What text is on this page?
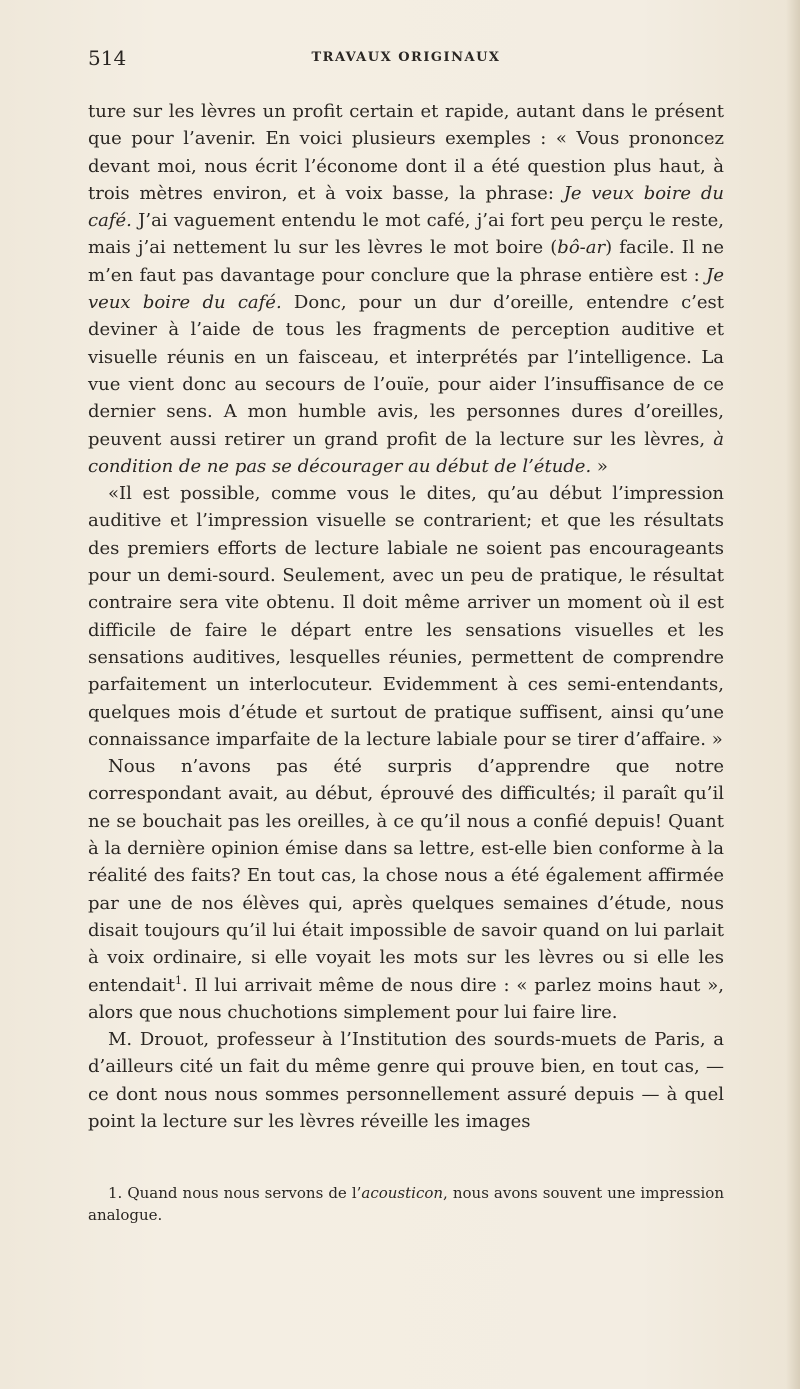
514	TRAVAUX ORIGINAUX

ture sur les lèvres un profit certain et rapide, autant dans le présent que pour l’avenir. En voici plusieurs exemples : « Vous prononcez devant moi, nous écrit l’économe dont il a été question plus haut, à trois mètres environ, et à voix basse, la phrase: Je veux boire du café. J’ai vaguement entendu le mot café, j’ai fort peu perçu le reste, mais j’ai nettement lu sur les lèvres le mot boire (bô-ar) facile. Il ne m’en faut pas davantage pour conclure que la phrase entière est : Je veux boire du café. Donc, pour un dur d’oreille, entendre c’est deviner à l’aide de tous les fragments de perception auditive et visuelle réunis en un faisceau, et interprétés par l’intelligence. La vue vient donc au secours de l’ouïe, pour aider l’insuffisance de ce dernier sens. A mon humble avis, les personnes dures d’oreilles, peuvent aussi retirer un grand profit de la lecture sur les lèvres, à condition de ne pas se décourager au début de l’étude. »

«Il est possible, comme vous le dites, qu’au début l’impression auditive et l’impression visuelle se contrarient; et que les résultats des premiers efforts de lecture labiale ne soient pas encourageants pour un demi-sourd. Seulement, avec un peu de pratique, le résultat contraire sera vite obtenu. Il doit même arriver un moment où il est difficile de faire le départ entre les sensations visuelles et les sensations auditives, lesquelles réunies, permettent de comprendre parfaitement un interlocuteur. Evidemment à ces semi-entendants, quelques mois d’étude et surtout de pratique suffisent, ainsi qu’une connaissance imparfaite de la lecture labiale pour se tirer d’affaire. »

Nous n’avons pas été surpris d’apprendre que notre correspondant avait, au début, éprouvé des difficultés; il paraît qu’il ne se bouchait pas les oreilles, à ce qu’il nous a confié depuis! Quant à la dernière opinion émise dans sa lettre, est-elle bien conforme à la réalité des faits? En tout cas, la chose nous a été également affirmée par une de nos élèves qui, après quelques semaines d’étude, nous disait toujours qu’il lui était impossible de savoir quand on lui parlait à voix ordinaire, si elle voyait les mots sur les lèvres ou si elle les entendait$^1$. Il lui arrivait même de nous dire : « parlez moins haut », alors que nous chuchotions simplement pour lui faire lire.

M. Drouot, professeur à l’Institution des sourds-muets de Paris, a d’ailleurs cité un fait du même genre qui prouve bien, en tout cas, — ce dont nous nous sommes personnellement assuré depuis — à quel point la lecture sur les lèvres réveille les images

1. Quand nous nous servons de l’acousticon, nous avons souvent une impression analogue.
